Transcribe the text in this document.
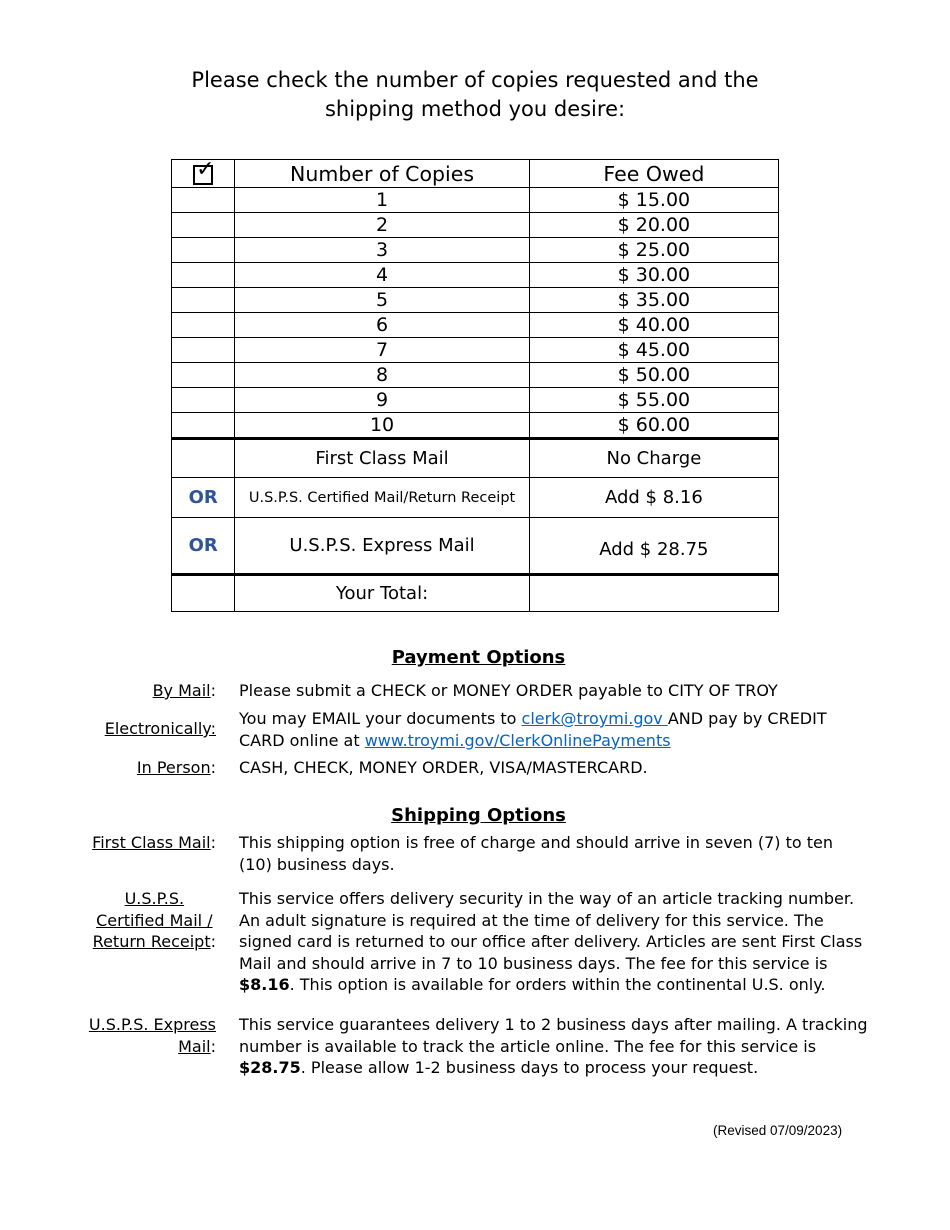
Please check the number of copies requested and the
shipping method you desire:
✓	Number of Copies	Fee Owed
	1	$ 15.00
	2	$ 20.00
	3	$ 25.00
	4	$ 30.00
	5	$ 35.00
	6	$ 40.00
	7	$ 45.00
	8	$ 50.00
	9	$ 55.00
	10	$ 60.00
	First Class Mail	No Charge
OR	U.S.P.S. Certified Mail/Return Receipt	Add $ 8.16
OR	U.S.P.S. Express Mail	Add $ 28.75
	Your Total:	
Payment Options
By Mail: Please submit a CHECK or MONEY ORDER payable to CITY OF TROY
Electronically:
You may EMAIL your documents to clerk@troymi.gov AND pay by CREDIT CARD online at www.troymi.gov/ClerkOnlinePayments
In Person: CASH, CHECK, MONEY ORDER, VISA/MASTERCARD.
Shipping Options
First Class Mail: This shipping option is free of charge and should arrive in seven (7) to ten (10) business days.
U.S.P.S.
Certified Mail /
Return Receipt:
This service offers delivery security in the way of an article tracking number. An adult signature is required at the time of delivery for this service. The signed card is returned to our office after delivery. Articles are sent First Class Mail and should arrive in 7 to 10 business days. The fee for this service is $8.16. This option is available for orders within the continental U.S. only.
U.S.P.S. Express
Mail:
This service guarantees delivery 1 to 2 business days after mailing. A tracking number is available to track the article online. The fee for this service is $28.75. Please allow 1-2 business days to process your request.
(Revised 07/09/2023)
